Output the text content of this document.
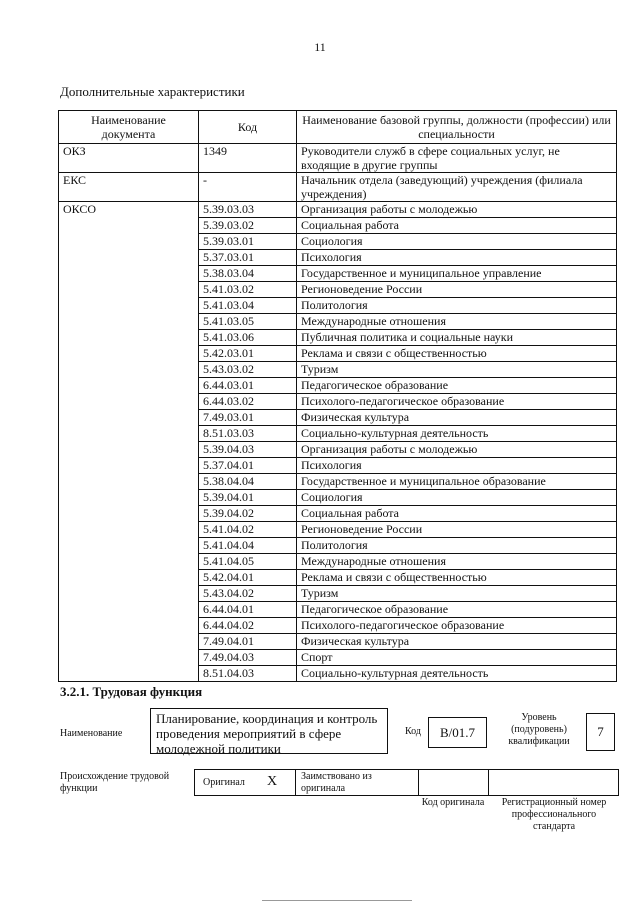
11
Дополнительные характеристики
Наименование документа	Код	Наименование базовой группы, должности (профессии) или специальности
ОКЗ	1349	Руководители служб в сфере социальных услуг, не входящие в другие группы
ЕКС	-	Начальник отдела (заведующий) учреждения (филиала учреждения)
ОКСО	5.39.03.03	Организация работы с молодежью
	5.39.03.02	Социальная работа
	5.39.03.01	Социология
	5.37.03.01	Психология
	5.38.03.04	Государственное и муниципальное управление
	5.41.03.02	Регионоведение России
	5.41.03.04	Политология
	5.41.03.05	Международные отношения
	5.41.03.06	Публичная политика и социальные науки
	5.42.03.01	Реклама и связи с общественностью
	5.43.03.02	Туризм
	6.44.03.01	Педагогическое образование
	6.44.03.02	Психолого-педагогическое образование
	7.49.03.01	Физическая культура
	8.51.03.03	Социально-культурная деятельность
	5.39.04.03	Организация работы с молодежью
	5.37.04.01	Психология
	5.38.04.04	Государственное и муниципальное образование
	5.39.04.01	Социология
	5.39.04.02	Социальная работа
	5.41.04.02	Регионоведение России
	5.41.04.04	Политология
	5.41.04.05	Международные отношения
	5.42.04.01	Реклама и связи с общественностью
	5.43.04.02	Туризм
	6.44.04.01	Педагогическое образование
	6.44.04.02	Психолого-педагогическое образование
	7.49.04.01	Физическая культура
	7.49.04.03	Спорт
	8.51.04.03	Социально-культурная деятельность
3.2.1. Трудовая функция
Наименование
Планирование, координация и контроль проведения мероприятий в сфере молодежной политики
Код	B/01.7
Уровень (подуровень) квалификации
7
Происхождение трудовой функции
Оригинал X Заимствовано из оригинала
Код оригинала	Регистрационный номер профессионального стандарта
